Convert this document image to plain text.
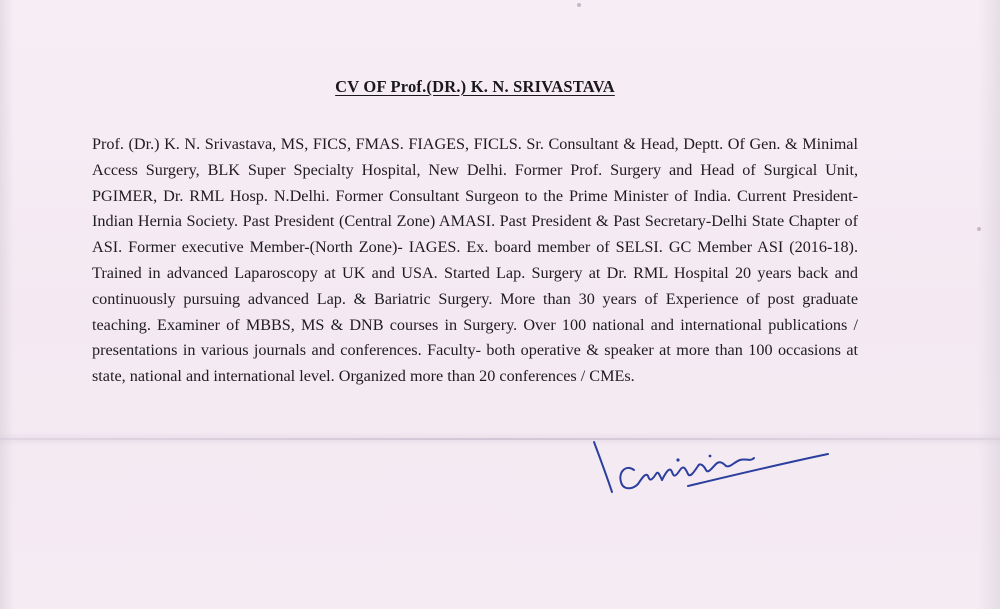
CV OF Prof.(DR.) K. N. SRIVASTAVA

Prof. (Dr.) K. N. Srivastava, MS, FICS, FMAS. FIAGES, FICLS. Sr. Consultant & Head, Deptt. Of Gen. & Minimal Access Surgery, BLK Super Specialty Hospital, New Delhi. Former Prof. Surgery and Head of Surgical Unit, PGIMER, Dr. RML Hosp. N.Delhi. Former Consultant Surgeon to the Prime Minister of India. Current President-Indian Hernia Society. Past President (Central Zone) AMASI. Past President & Past Secretary-Delhi State Chapter of ASI. Former executive Member-(North Zone)- IAGES. Ex. board member of SELSI. GC Member ASI (2016-18). Trained in advanced Laparoscopy at UK and USA. Started Lap. Surgery at Dr. RML Hospital 20 years back and continuously pursuing advanced Lap. & Bariatric Surgery. More than 30 years of Experience of post graduate teaching. Examiner of MBBS, MS & DNB courses in Surgery. Over 100 national and international publications / presentations in various journals and conferences. Faculty- both operative & speaker at more than 100 occasions at state, national and international level. Organized more than 20 conferences / CMEs.
